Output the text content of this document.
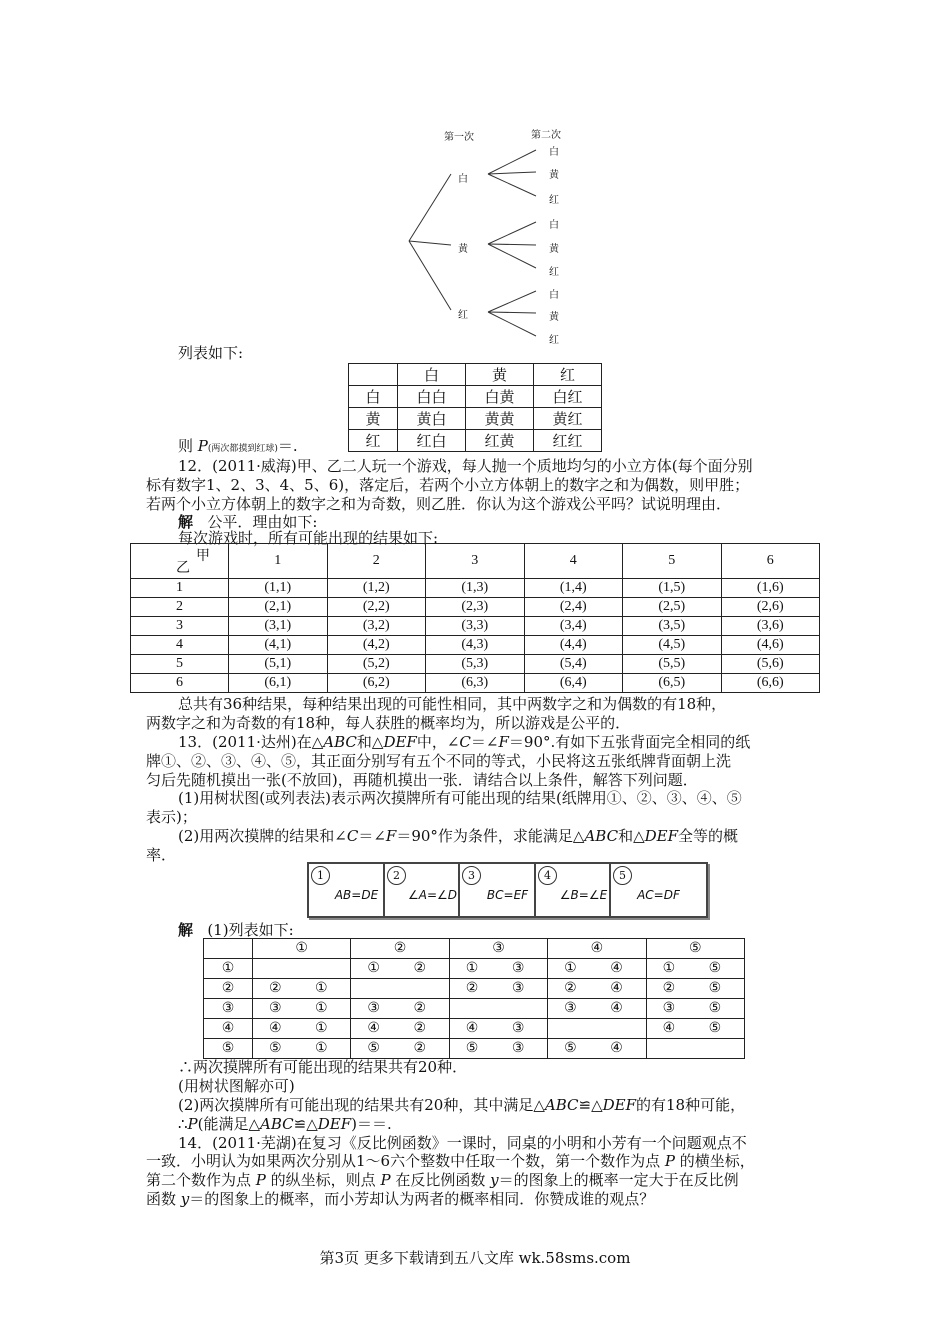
第一次	第二次
白
黄
红
白
黄
红
白
黄
红
白
黄
红
列表如下:
	白	黄	红
白	白白	白黄	白红
黄	黄白	黄黄	黄红
红	红白	红黄	红红
则 P(两次都摸到红球)＝.
12．(2011·威海)甲、乙二人玩一个游戏，每人抛一个质地均匀的小立方体(每个面分别
标有数字1、2、3、4、5、6)，落定后，若两个小立方体朝上的数字之和为偶数，则甲胜；
若两个小立方体朝上的数字之和为奇数，则乙胜．你认为这个游戏公平吗？试说明理由．
解 公平．理由如下:
每次游戏时，所有可能出现的结果如下:
甲
乙	1	2	3	4	5	6
1	(1,1)	(1,2)	(1,3)	(1,4)	(1,5)	(1,6)
2	(2,1)	(2,2)	(2,3)	(2,4)	(2,5)	(2,6)
3	(3,1)	(3,2)	(3,3)	(3,4)	(3,5)	(3,6)
4	(4,1)	(4,2)	(4,3)	(4,4)	(4,5)	(4,6)
5	(5,1)	(5,2)	(5,3)	(5,4)	(5,5)	(5,6)
6	(6,1)	(6,2)	(6,3)	(6,4)	(6,5)	(6,6)
总共有36种结果，每种结果出现的可能性相同，其中两数字之和为偶数的有18种，
两数字之和为奇数的有18种，每人获胜的概率均为，所以游戏是公平的．
13．(2011·达州)在△ABC和△DEF中，∠C＝∠F＝90°.有如下五张背面完全相同的纸
牌①、②、③、④、⑤，其正面分别写有五个不同的等式，小民将这五张纸牌背面朝上洗
匀后先随机摸出一张(不放回)，再随机摸出一张．请结合以上条件，解答下列问题．
(1)用树状图(或列表法)表示两次摸牌所有可能出现的结果(纸牌用①、②、③、④、⑤
表示)；
(2)用两次摸牌的结果和∠C＝∠F＝90°作为条件，求能满足△ABC和△DEF全等的概
率．
1
AB=DE
2
∠A=∠D
3
BC=EF
4
∠B=∠E
5
AC=DF
解 (1)列表如下:
	①	②	③	④	⑤
①		① ②	① ③	① ④	① ⑤
②	② ①		② ③	② ④	② ⑤
③	③ ①	③ ②		③ ④	③ ⑤
④	④ ①	④ ②	④ ③		④ ⑤
⑤	⑤ ①	⑤ ②	⑤ ③	⑤ ④	
∴两次摸牌所有可能出现的结果共有20种．
(用树状图解亦可)
(2)两次摸牌所有可能出现的结果共有20种，其中满足△ABC≌△DEF的有18种可能，
∴P(能满足△ABC≌△DEF)＝＝.
14．(2011·芜湖)在复习《反比例函数》一课时，同桌的小明和小芳有一个问题观点不
一致．小明认为如果两次分别从1～6六个整数中任取一个数，第一个数作为点 P 的横坐标，
第二个数作为点 P 的纵坐标，则点 P 在反比例函数 y＝的图象上的概率一定大于在反比例
函数 y＝的图象上的概率，而小芳却认为两者的概率相同．你赞成谁的观点？
第3页 更多下载请到五八文库 wk.58sms.com
